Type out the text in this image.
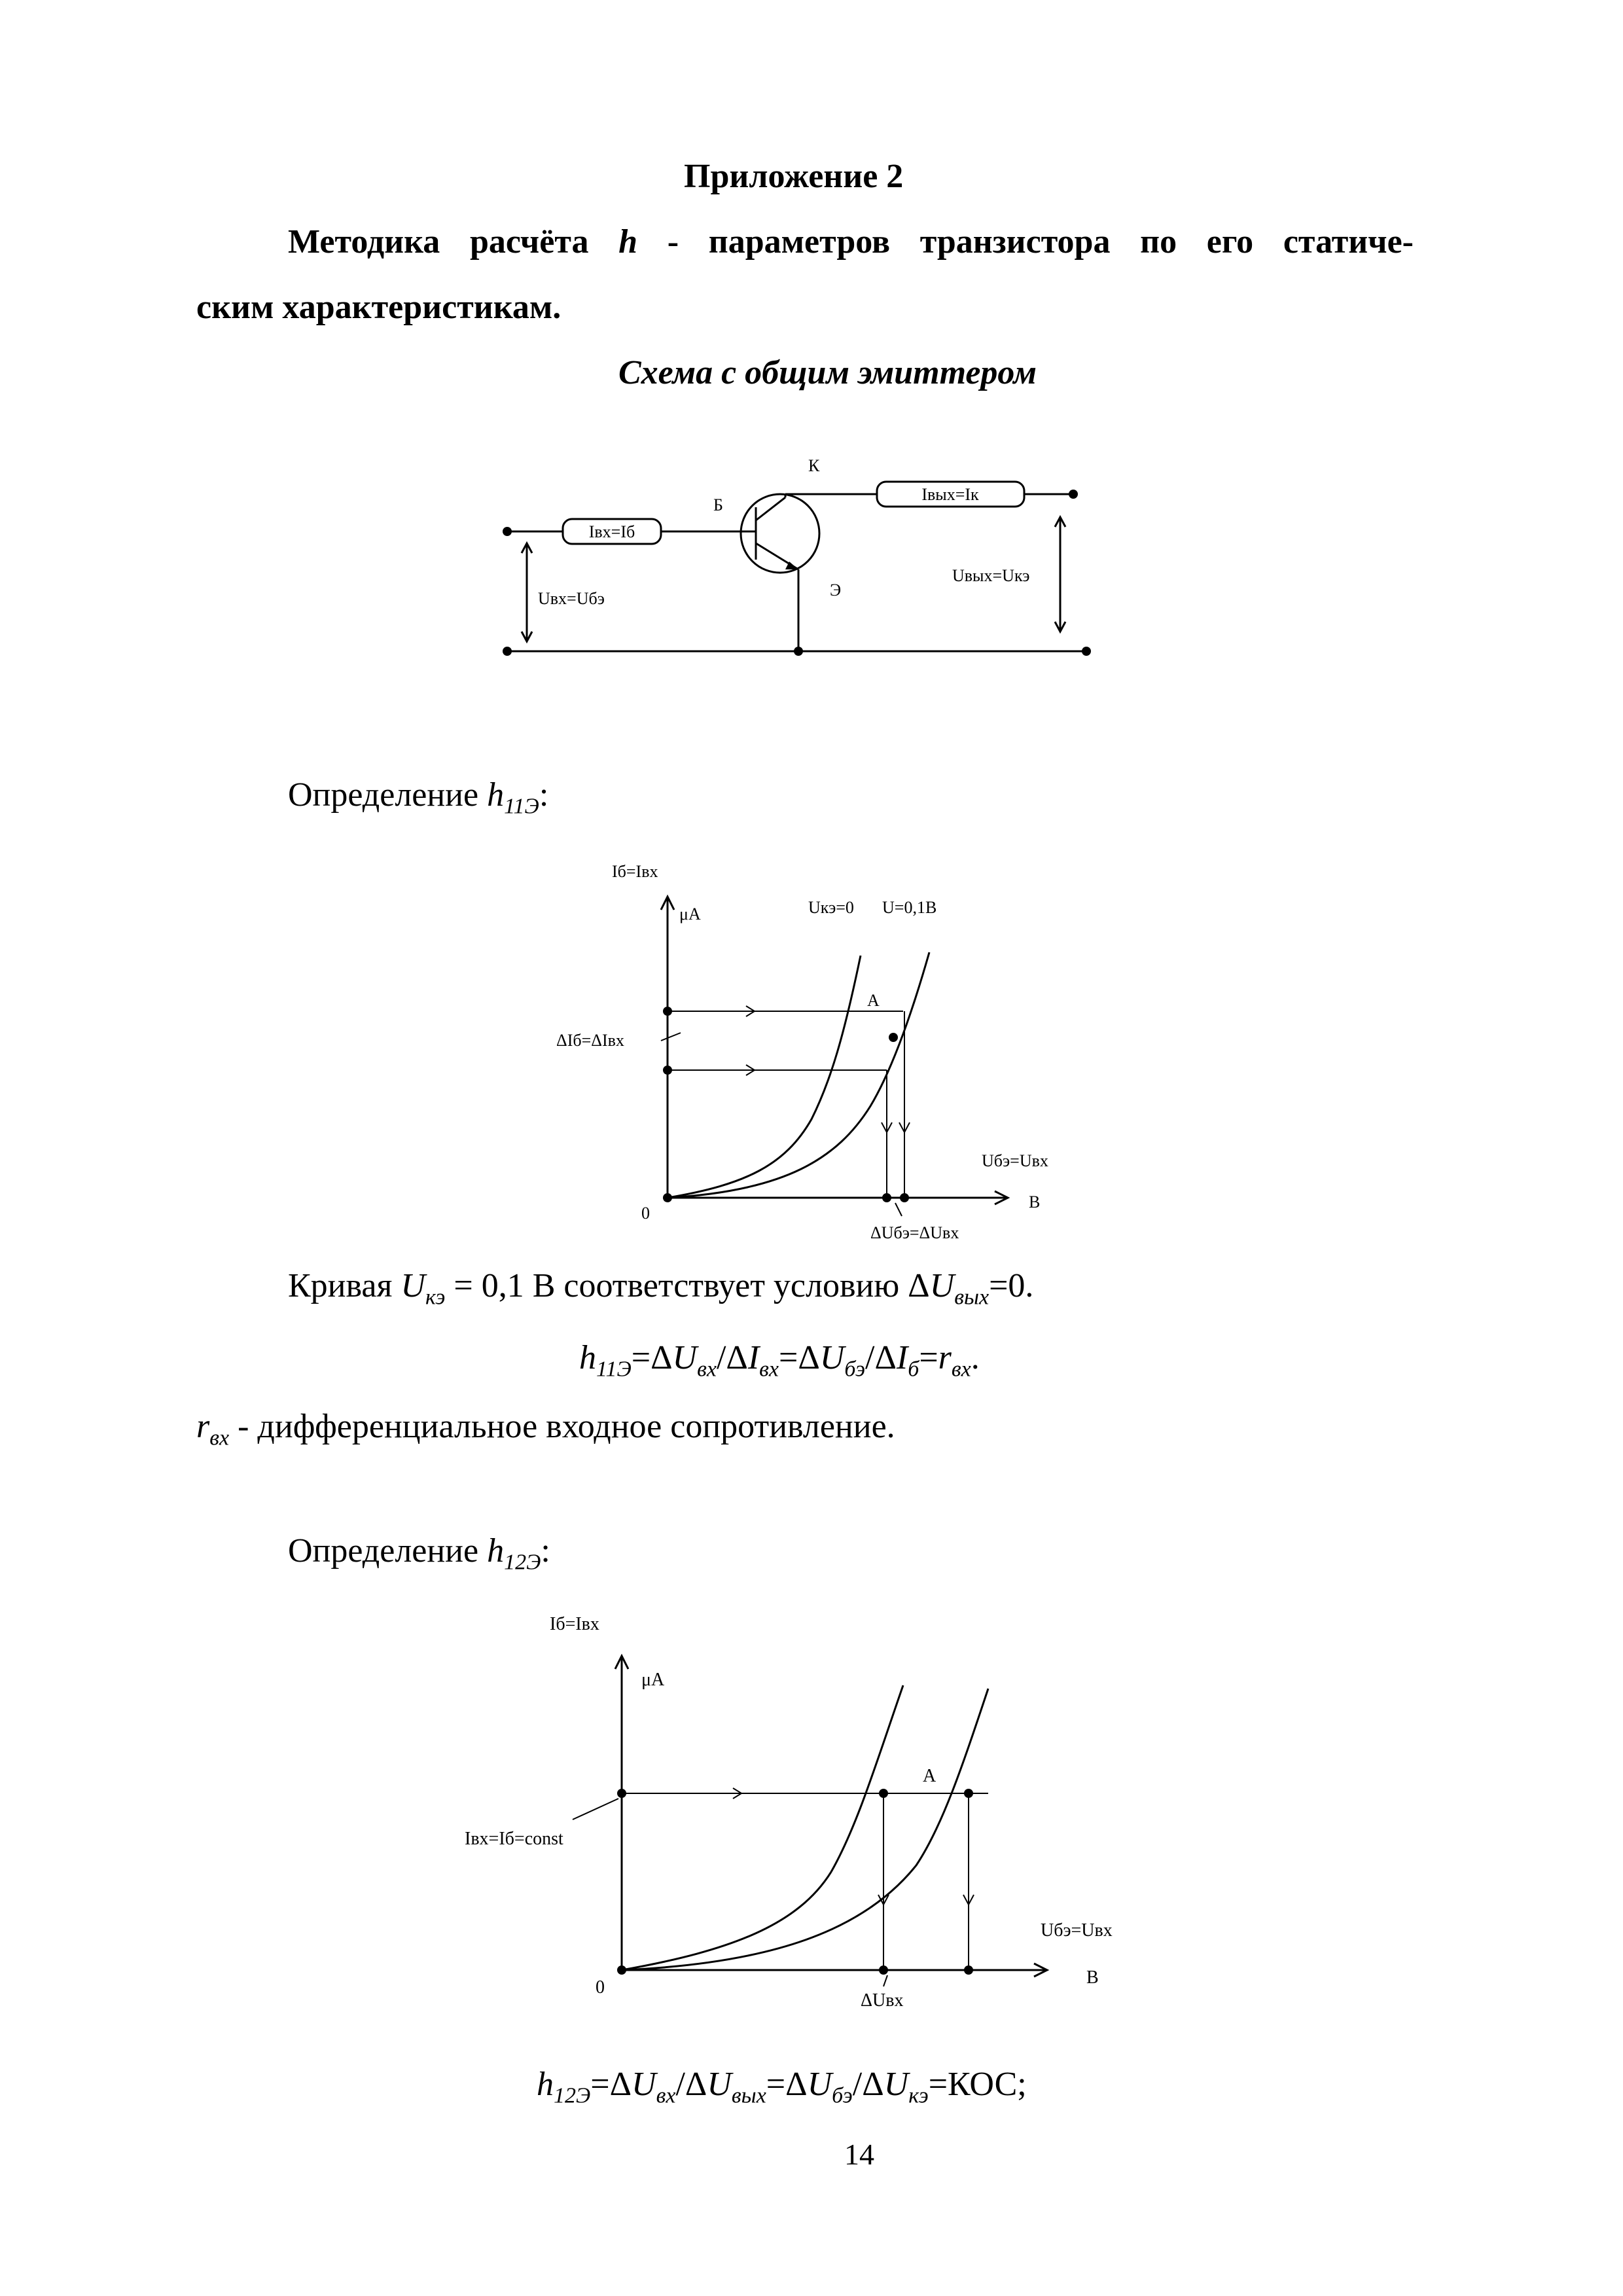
Приложение 2
Методика расчёта h - параметров транзистора по его статиче-
ским характеристикам.
Схема с общим эмиттером
Iвх=Iб
Iвых=Iк
Б
К
Э
Uвх=Uбэ
Uвых=Uкэ
Определение $h_{11Э}$:
Iб=Iвх
μA	Uкэ=0 U=0,1В
A
ΔIб=ΔIвх
Uбэ=Uвх
В
0
ΔUбэ=ΔUвх
Кривая $U_{кэ} = 0,1$ В соответствует условию $\Delta U_{вых}=0$.
$h_{11Э}=\Delta U_{вх}/\Delta I_{вх}=\Delta U_{бэ}/\Delta I_б=r_{вх}$.
$r_{вх}$ - дифференциальное входное сопротивление.
Определение $h_{12Э}$:
Iб=Iвх
μA
A
Iвх=Iб=const
Uбэ=Uвх
В
0
ΔUвх
$h_{12Э}=\Delta U_{вх}/\Delta U_{вых}=\Delta U_{бэ}/\Delta U_{кэ}=КОС$;
14
